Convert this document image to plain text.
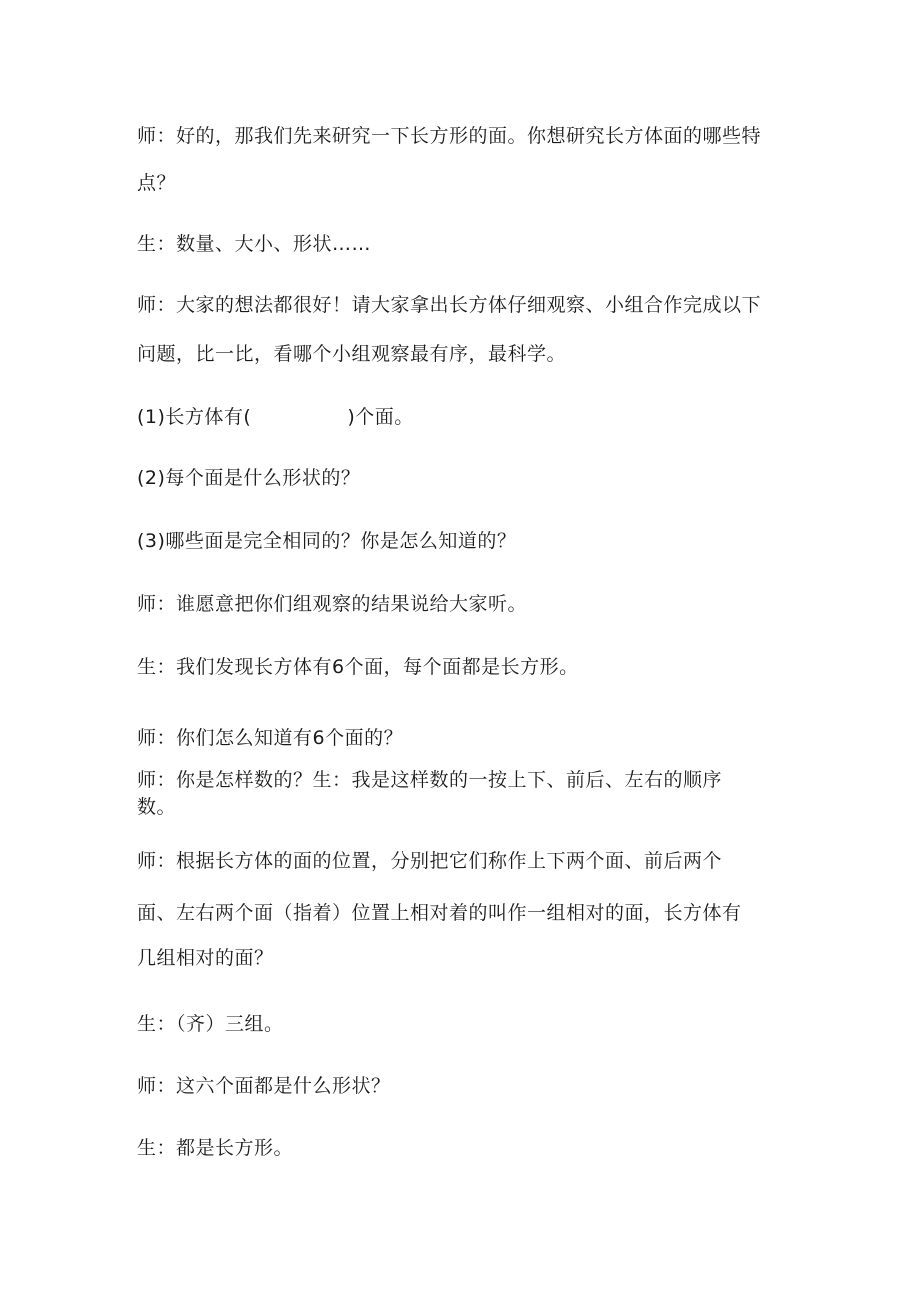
师：好的，那我们先来研究一下长方形的面。你想研究长方体面的哪些特
点？
生：数量、大小、形状……
师：大家的想法都很好！请大家拿出长方体仔细观察、小组合作完成以下
问题，比一比，看哪个小组观察最有序，最科学。
(1)长方体有(	)个面。
(2)每个面是什么形状的？
(3)哪些面是完全相同的？你是怎么知道的？
师：谁愿意把你们组观察的结果说给大家听。
生：我们发现长方体有6个面，每个面都是长方形。
师：你们怎么知道有6个面的？
师：你是怎样数的？生：我是这样数的一按上下、前后、左右的顺序
数。
师：根据长方体的面的位置，分别把它们称作上下两个面、前后两个
面、左右两个面（指着）位置上相对着的叫作一组相对的面，长方体有
几组相对的面？
生：（齐）三组。
师：这六个面都是什么形状？
生：都是长方形。
